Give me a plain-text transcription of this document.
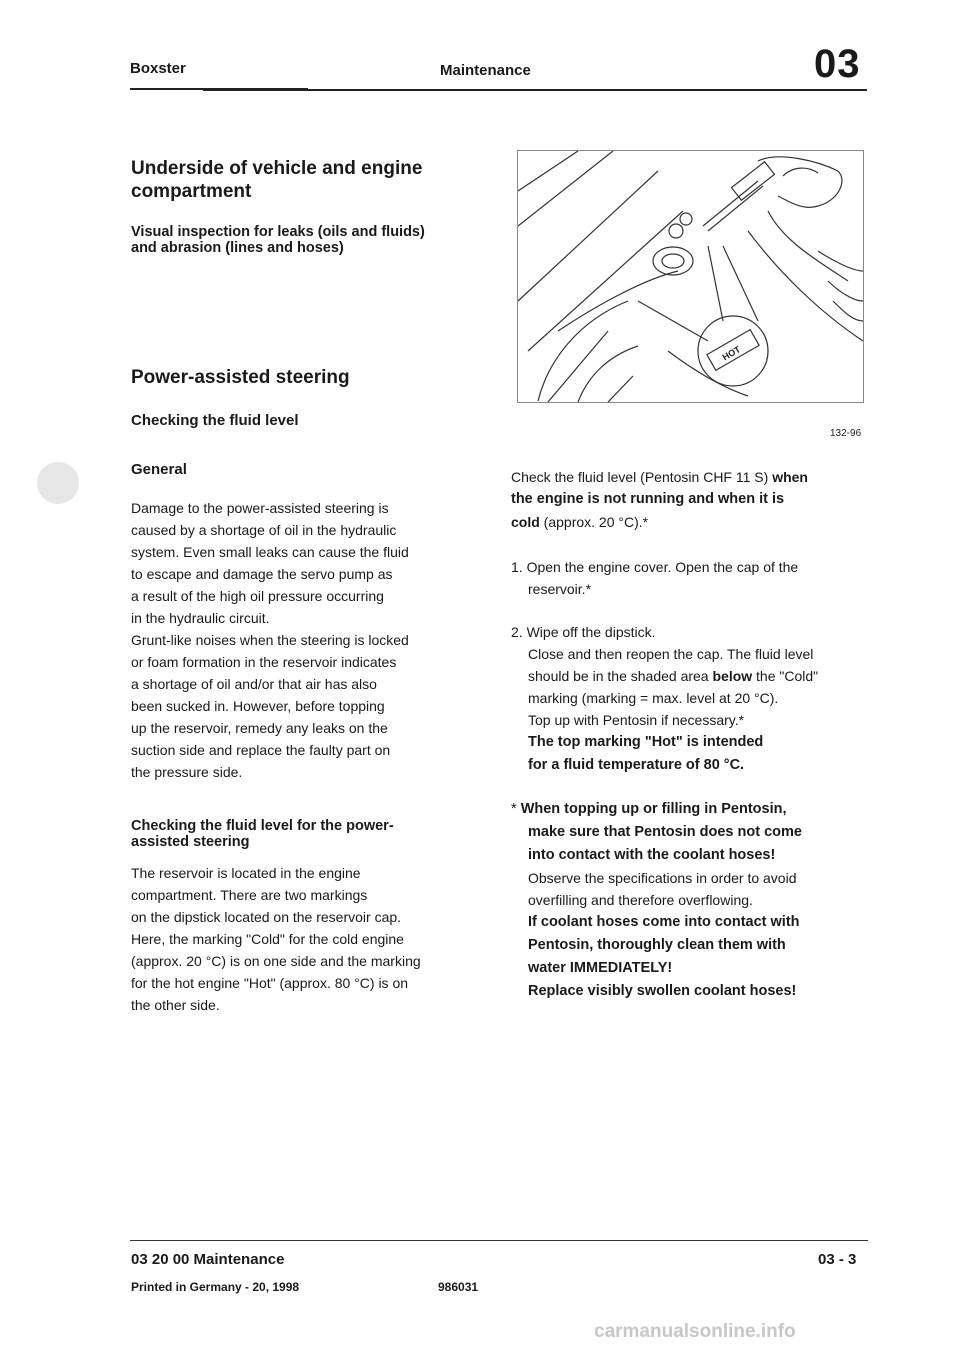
Boxster	Maintenance	03

Underside of vehicle and engine

compartment

Visual inspection for leaks (oils and fluids)

and abrasion (lines and hoses)

Power-assisted steering

Checking the fluid level

General

Damage to the power-assisted steering is

caused by a shortage of oil in the hydraulic

system. Even small leaks can cause the fluid

to escape and damage the servo pump as

a result of the high oil pressure occurring

in the hydraulic circuit.

Grunt-like noises when the steering is locked

or foam formation in the reservoir indicates

a shortage of oil and/or that air has also

been sucked in. However, before topping

up the reservoir, remedy any leaks on the

suction side and replace the faulty part on

the pressure side.

Checking the fluid level for the power-

assisted steering

The reservoir is located in the engine

compartment. There are two markings

on the dipstick located on the reservoir cap.

Here, the marking "Cold" for the cold engine

(approx. 20 °C) is on one side and the marking

for the hot engine "Hot" (approx. 80 °C) is on

the other side.

HOT
132-96

Check the fluid level (Pentosin CHF 11 S) when

the engine is not running and when it is

cold (approx. 20 °C).*

1. Open the engine cover. Open the cap of the

reservoir.*

2. Wipe off the dipstick.

Close and then reopen the cap. The fluid level

should be in the shaded area below the "Cold"

marking (marking = max. level at 20 °C).

Top up with Pentosin if necessary.*

The top marking "Hot" is intended

for a fluid temperature of 80 °C.

* When topping up or filling in Pentosin,

make sure that Pentosin does not come

into contact with the coolant hoses!

Observe the specifications in order to avoid

overfilling and therefore overflowing.

If coolant hoses come into contact with

Pentosin, thoroughly clean them with

water IMMEDIATELY!

Replace visibly swollen coolant hoses!

03 20 00 Maintenance	03 - 3
Printed in Germany - 20, 1998	986031
carmanualsonline.info
